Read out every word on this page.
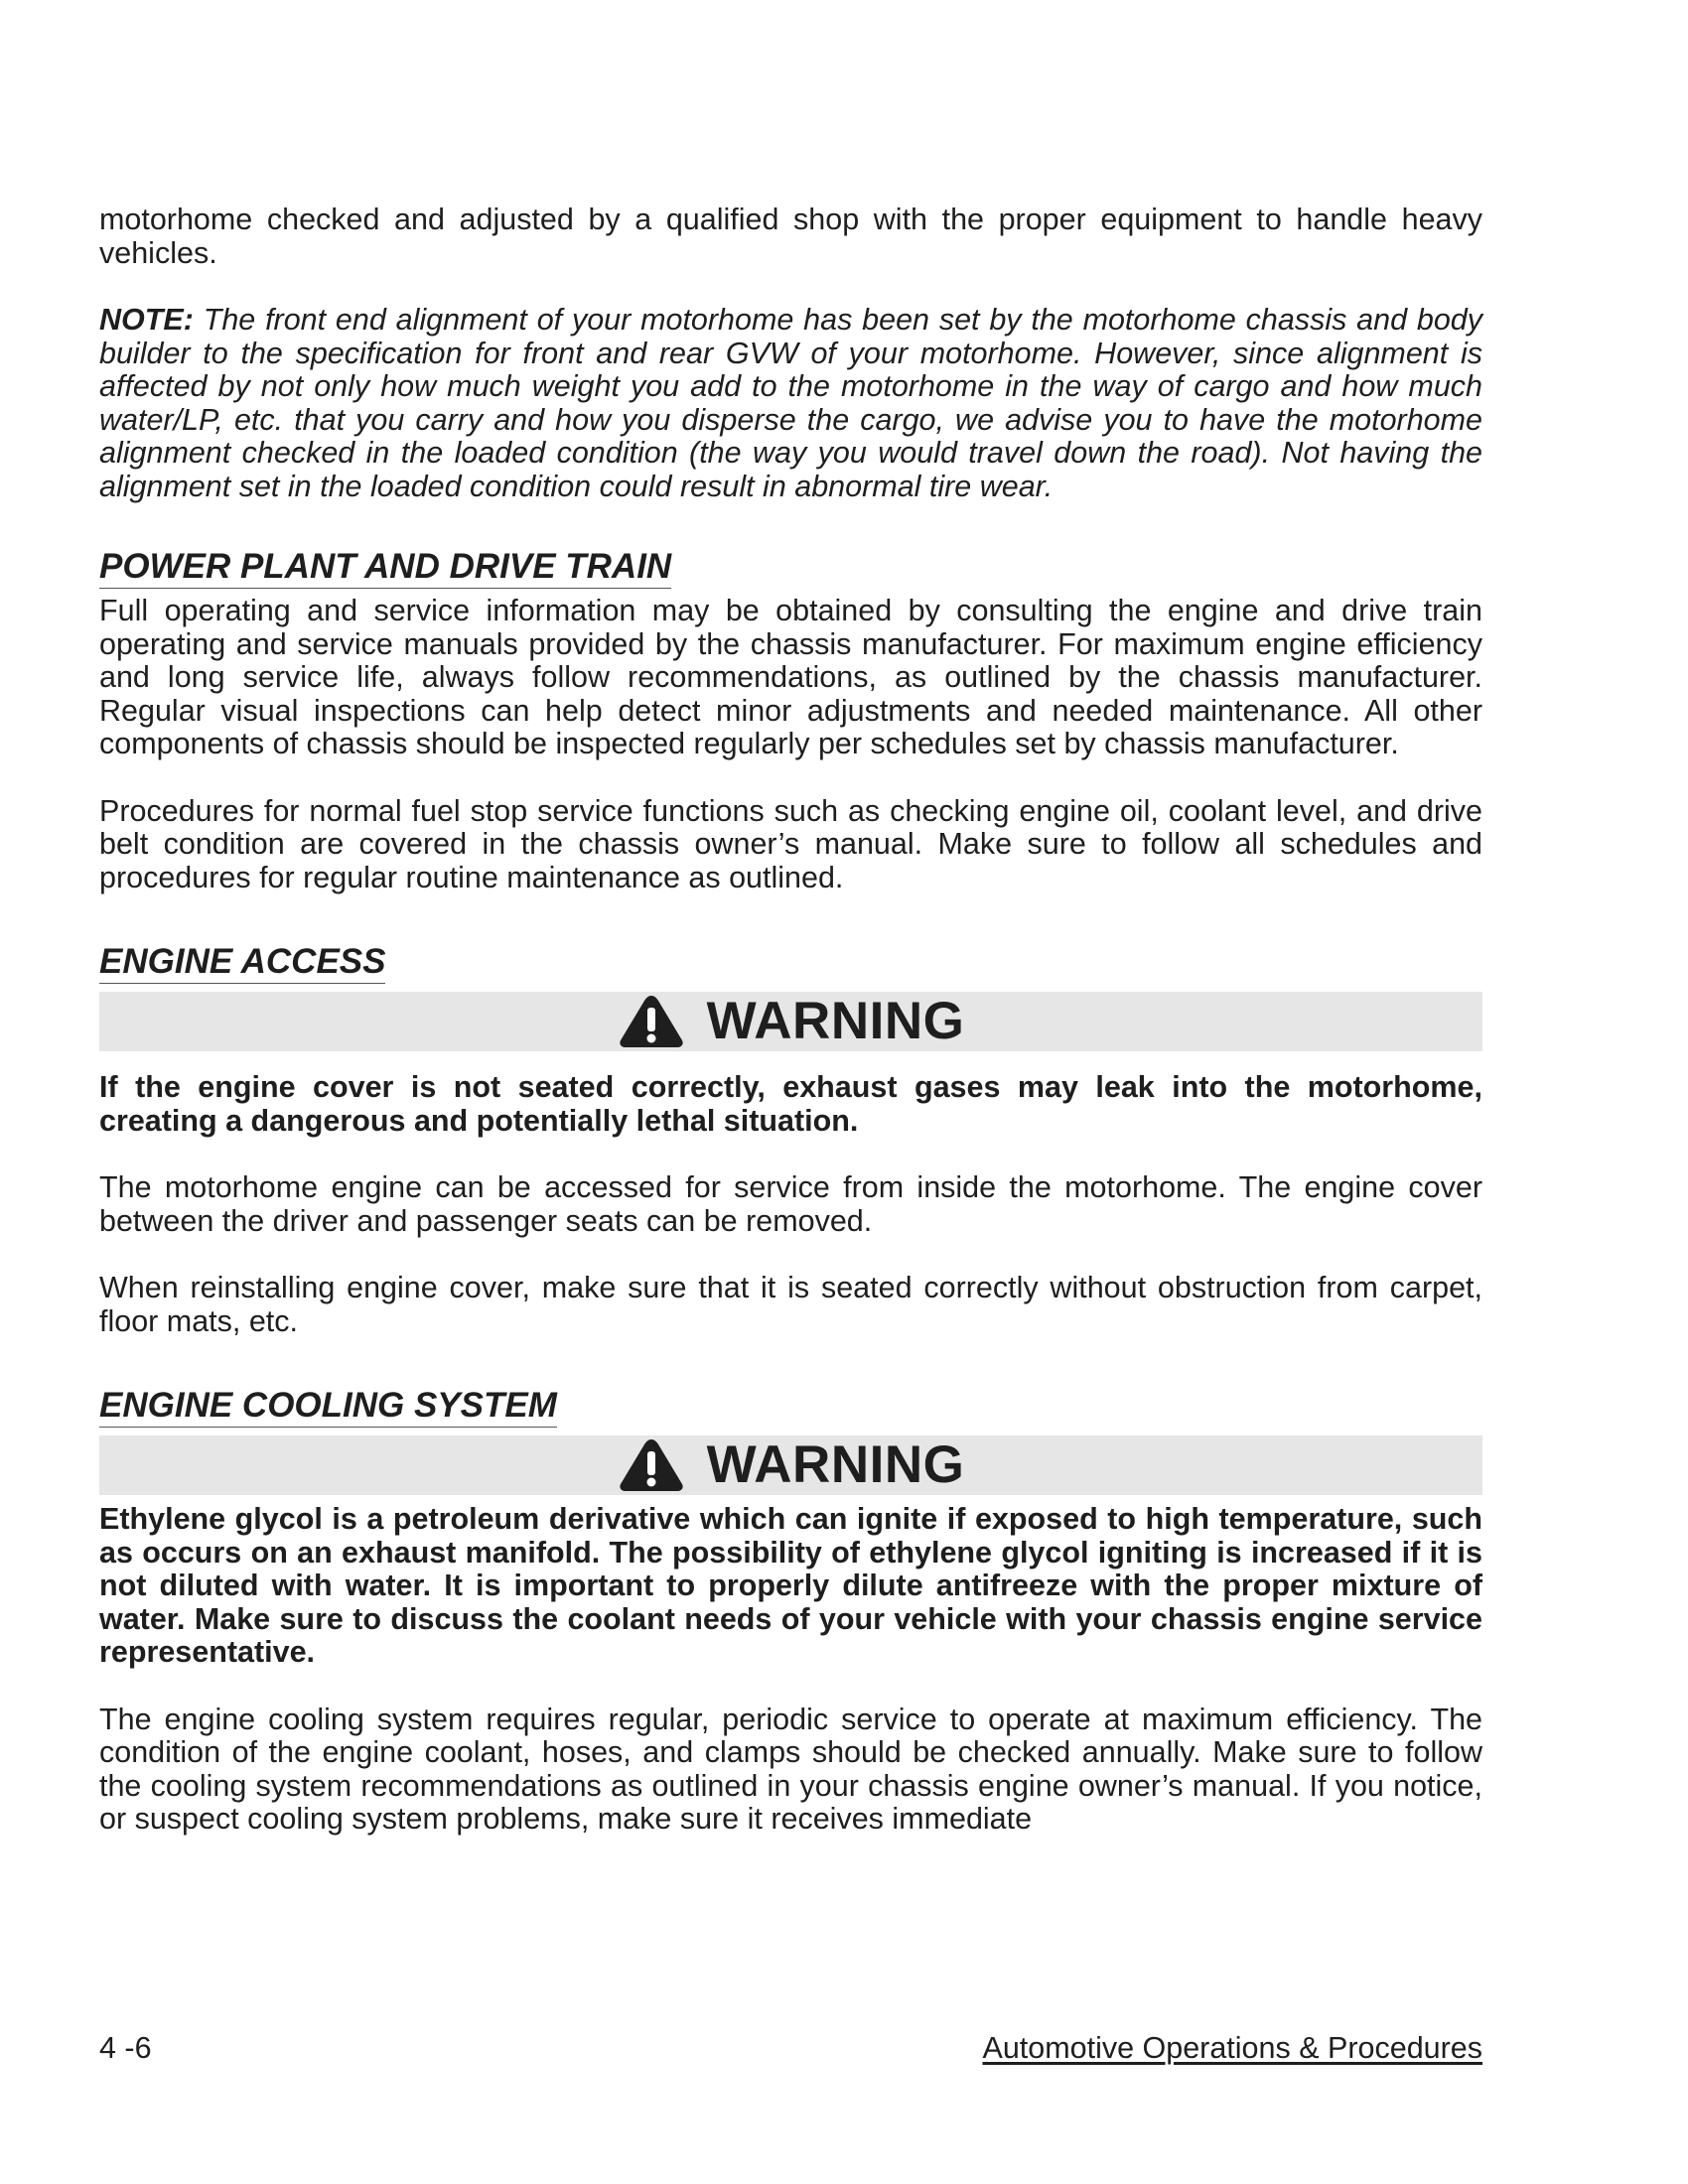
motorhome checked and adjusted by a qualified shop with the proper equipment to handle heavy vehicles.

NOTE: The front end alignment of your motorhome has been set by the motorhome chassis and body builder to the specification for front and rear GVW of your motorhome. However, since alignment is affected by not only how much weight you add to the motorhome in the way of cargo and how much water/LP, etc. that you carry and how you disperse the cargo, we advise you to have the motorhome alignment checked in the loaded condition (the way you would travel down the road). Not having the alignment set in the loaded condition could result in abnormal tire wear.

POWER PLANT AND DRIVE TRAIN

Full operating and service information may be obtained by consulting the engine and drive train operating and service manuals provided by the chassis manufacturer. For maximum engine efficiency and long service life, always follow recommendations, as outlined by the chassis manufacturer. Regular visual inspections can help detect minor adjustments and needed maintenance. All other components of chassis should be inspected regularly per schedules set by chassis manufacturer.

Procedures for normal fuel stop service functions such as checking engine oil, coolant level, and drive belt condition are covered in the chassis owner’s manual. Make sure to follow all schedules and procedures for regular routine maintenance as outlined.

ENGINE ACCESS
WARNING

If the engine cover is not seated correctly, exhaust gases may leak into the motorhome, creating a dangerous and potentially lethal situation.

The motorhome engine can be accessed for service from inside the motorhome. The engine cover between the driver and passenger seats can be removed.

When reinstalling engine cover, make sure that it is seated correctly without obstruction from carpet, floor mats, etc.

ENGINE COOLING SYSTEM
WARNING

Ethylene glycol is a petroleum derivative which can ignite if exposed to high temperature, such as occurs on an exhaust manifold. The possibility of ethylene glycol igniting is increased if it is not diluted with water. It is important to properly dilute antifreeze with the proper mixture of water. Make sure to discuss the coolant needs of your vehicle with your chassis engine service representative.

The engine cooling system requires regular, periodic service to operate at maximum efficiency. The condition of the engine coolant, hoses, and clamps should be checked annually. Make sure to follow the cooling system recommendations as outlined in your chassis engine owner’s manual. If you notice, or suspect cooling system problems, make sure it receives immediate

4 -6	Automotive Operations & Procedures
